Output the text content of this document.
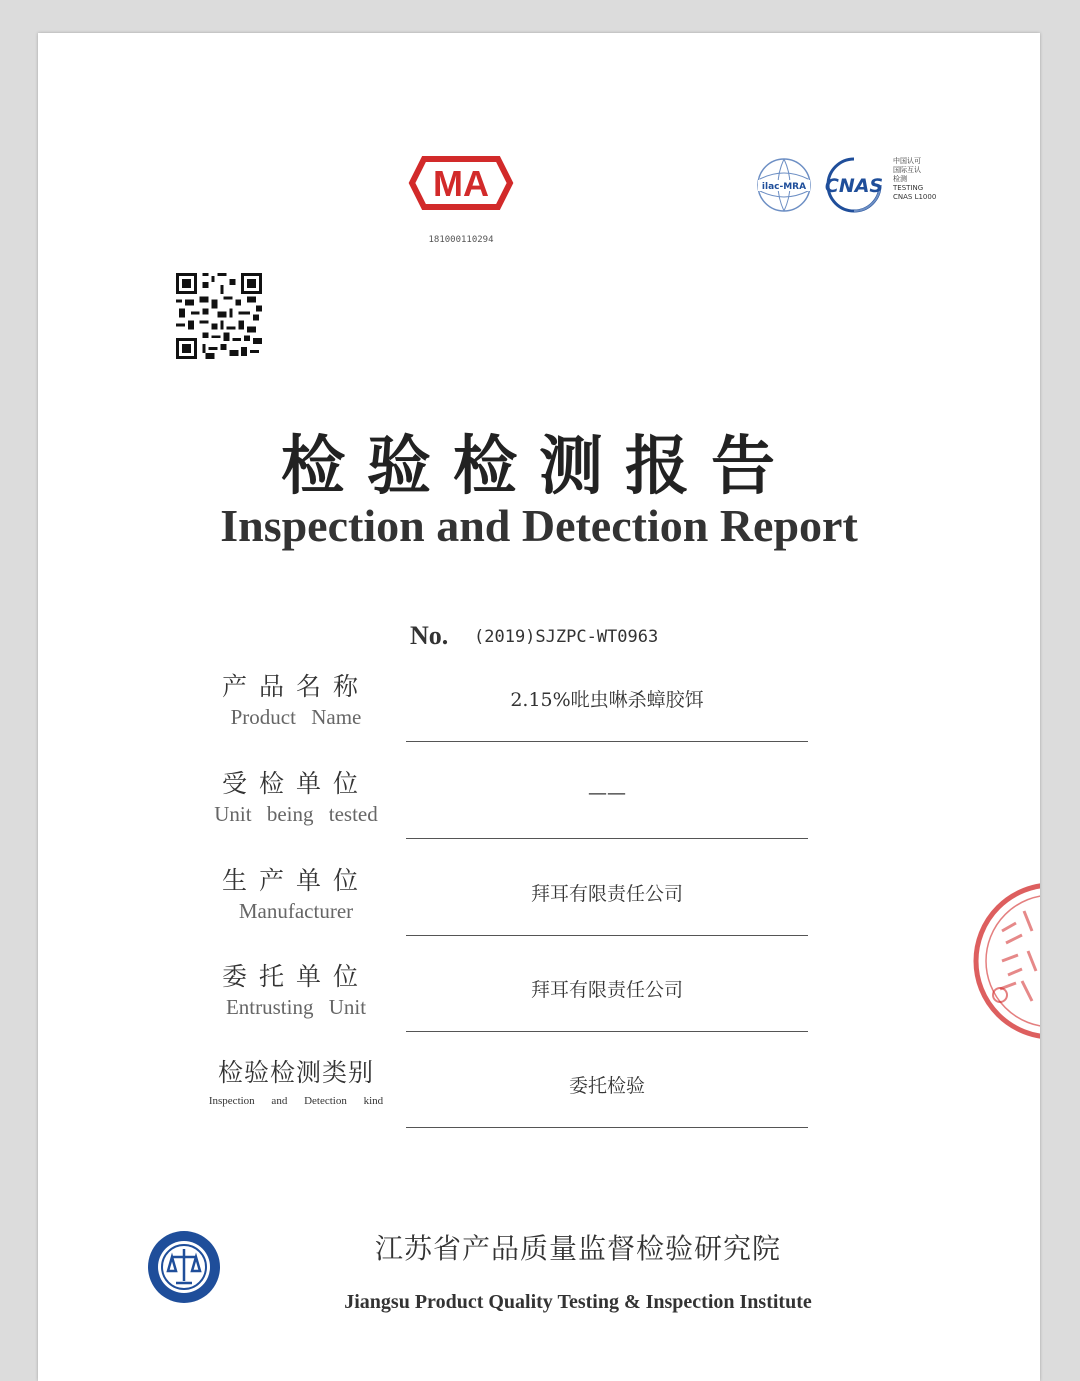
MA
181000110294
ilac-MRA CNAS
中国认可
国际互认
检测
TESTING
CNAS L1000
检验检测报告
Inspection and Detection Report
No. (2019)SJZPC-WT0963
产品名称
Product Name
2.15%吡虫啉杀蟑胶饵
受检单位
Unit being tested
——
生产单位
Manufacturer
拜耳有限责任公司
委托单位
Entrusting Unit
拜耳有限责任公司
检验检测类别
Inspection and Detection kind
委托检验
江苏省产品质量监督检验研究院
Jiangsu Product Quality Testing & Inspection Institute
